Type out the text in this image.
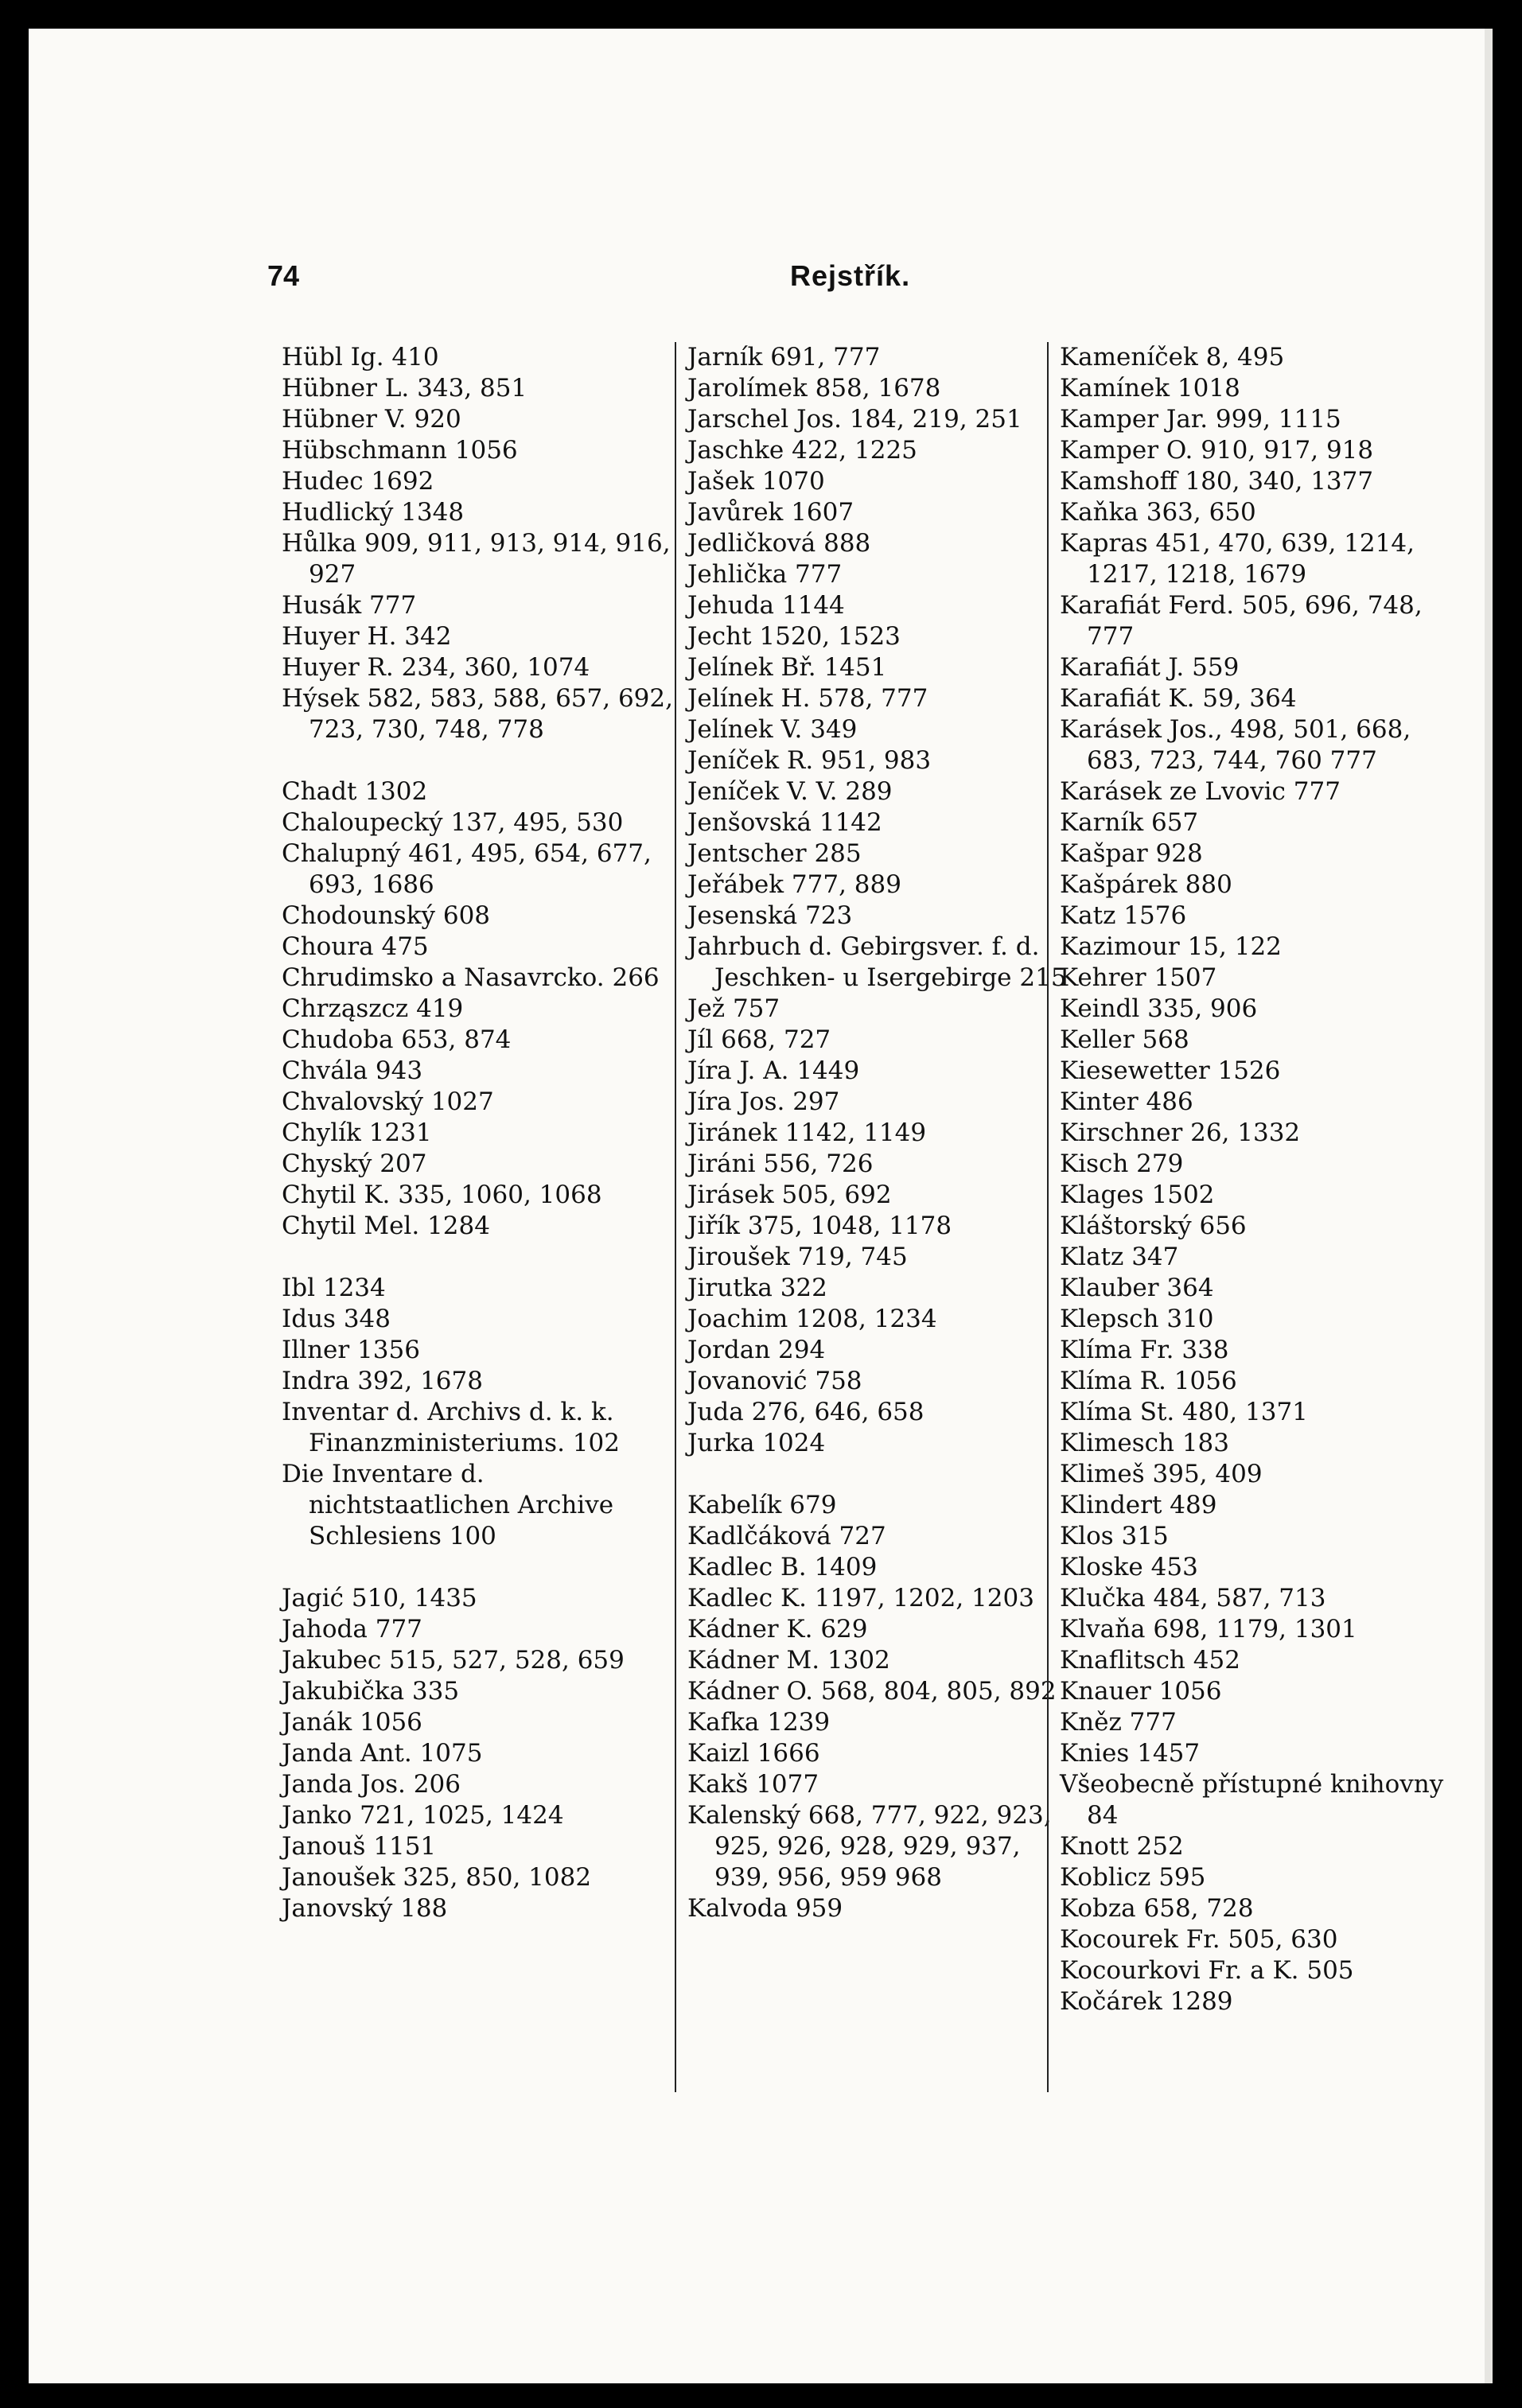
74	Rejstřík.

Hübl Ig. 410

Hübner L. 343, 851

Hübner V. 920

Hübschmann 1056

Hudec 1692

Hudlický 1348

Hůlka 909, 911, 913, 914, 916, 927

Husák 777

Huyer H. 342

Huyer R. 234, 360, 1074

Hýsek 582, 583, 588, 657, 692, 723, 730, 748, 778

Chadt 1302

Chaloupecký 137, 495, 530

Chalupný 461, 495, 654, 677, 693, 1686

Chodounský 608

Choura 475

Chrudimsko a Nasavrcko. 266

Chrząszcz 419

Chudoba 653, 874

Chvála 943

Chvalovský 1027

Chylík 1231

Chyský 207

Chytil K. 335, 1060, 1068

Chytil Mel. 1284

Ibl 1234

Idus 348

Illner 1356

Indra 392, 1678

Inventar d. Archivs d. k. k. Finanzministeriums. 102

Die Inventare d. nichtstaatlichen Archive Schlesiens 100

Jagić 510, 1435

Jahoda 777

Jakubec 515, 527, 528, 659

Jakubička 335

Janák 1056

Janda Ant. 1075

Janda Jos. 206

Janko 721, 1025, 1424

Janouš 1151

Janoušek 325, 850, 1082

Janovský 188

Jarník 691, 777

Jarolímek 858, 1678

Jarschel Jos. 184, 219, 251

Jaschke 422, 1225

Jašek 1070

Javůrek 1607

Jedličková 888

Jehlička 777

Jehuda 1144

Jecht 1520, 1523

Jelínek Bř. 1451

Jelínek H. 578, 777

Jelínek V. 349

Jeníček R. 951, 983

Jeníček V. V. 289

Jenšovská 1142

Jentscher 285

Jeřábek 777, 889

Jesenská 723

Jahrbuch d. Gebirgsver. f. d. Jeschken- u Isergebirge 215

Jež 757

Jíl 668, 727

Jíra J. A. 1449

Jíra Jos. 297

Jiránek 1142, 1149

Jiráni 556, 726

Jirásek 505, 692

Jiřík 375, 1048, 1178

Jiroušek 719, 745

Jirutka 322

Joachim 1208, 1234

Jordan 294

Jovanović 758

Juda 276, 646, 658

Jurka 1024

Kabelík 679

Kadlčáková 727

Kadlec B. 1409

Kadlec K. 1197, 1202, 1203

Kádner K. 629

Kádner M. 1302

Kádner O. 568, 804, 805, 892

Kafka 1239

Kaizl 1666

Kakš 1077

Kalenský 668, 777, 922, 923, 925, 926, 928, 929, 937, 939, 956, 959 968

Kalvoda 959

Kameníček 8, 495

Kamínek 1018

Kamper Jar. 999, 1115

Kamper O. 910, 917, 918

Kamshoff 180, 340, 1377

Kaňka 363, 650

Kapras 451, 470, 639, 1214, 1217, 1218, 1679

Karafiát Ferd. 505, 696, 748, 777

Karafiát J. 559

Karafiát K. 59, 364

Karásek Jos., 498, 501, 668, 683, 723, 744, 760 777

Karásek ze Lvovic 777

Karník 657

Kašpar 928

Kašpárek 880

Katz 1576

Kazimour 15, 122

Kehrer 1507

Keindl 335, 906

Keller 568

Kiesewetter 1526

Kinter 486

Kirschner 26, 1332

Kisch 279

Klages 1502

Kláštorský 656

Klatz 347

Klauber 364

Klepsch 310

Klíma Fr. 338

Klíma R. 1056

Klíma St. 480, 1371

Klimesch 183

Klimeš 395, 409

Klindert 489

Klos 315

Kloske 453

Klučka 484, 587, 713

Klvaňa 698, 1179, 1301

Knaflitsch 452

Knauer 1056

Kněz 777

Knies 1457

Všeobecně přístupné knihovny 84

Knott 252

Koblicz 595

Kobza 658, 728

Kocourek Fr. 505, 630

Kocourkovi Fr. a K. 505

Kočárek 1289
